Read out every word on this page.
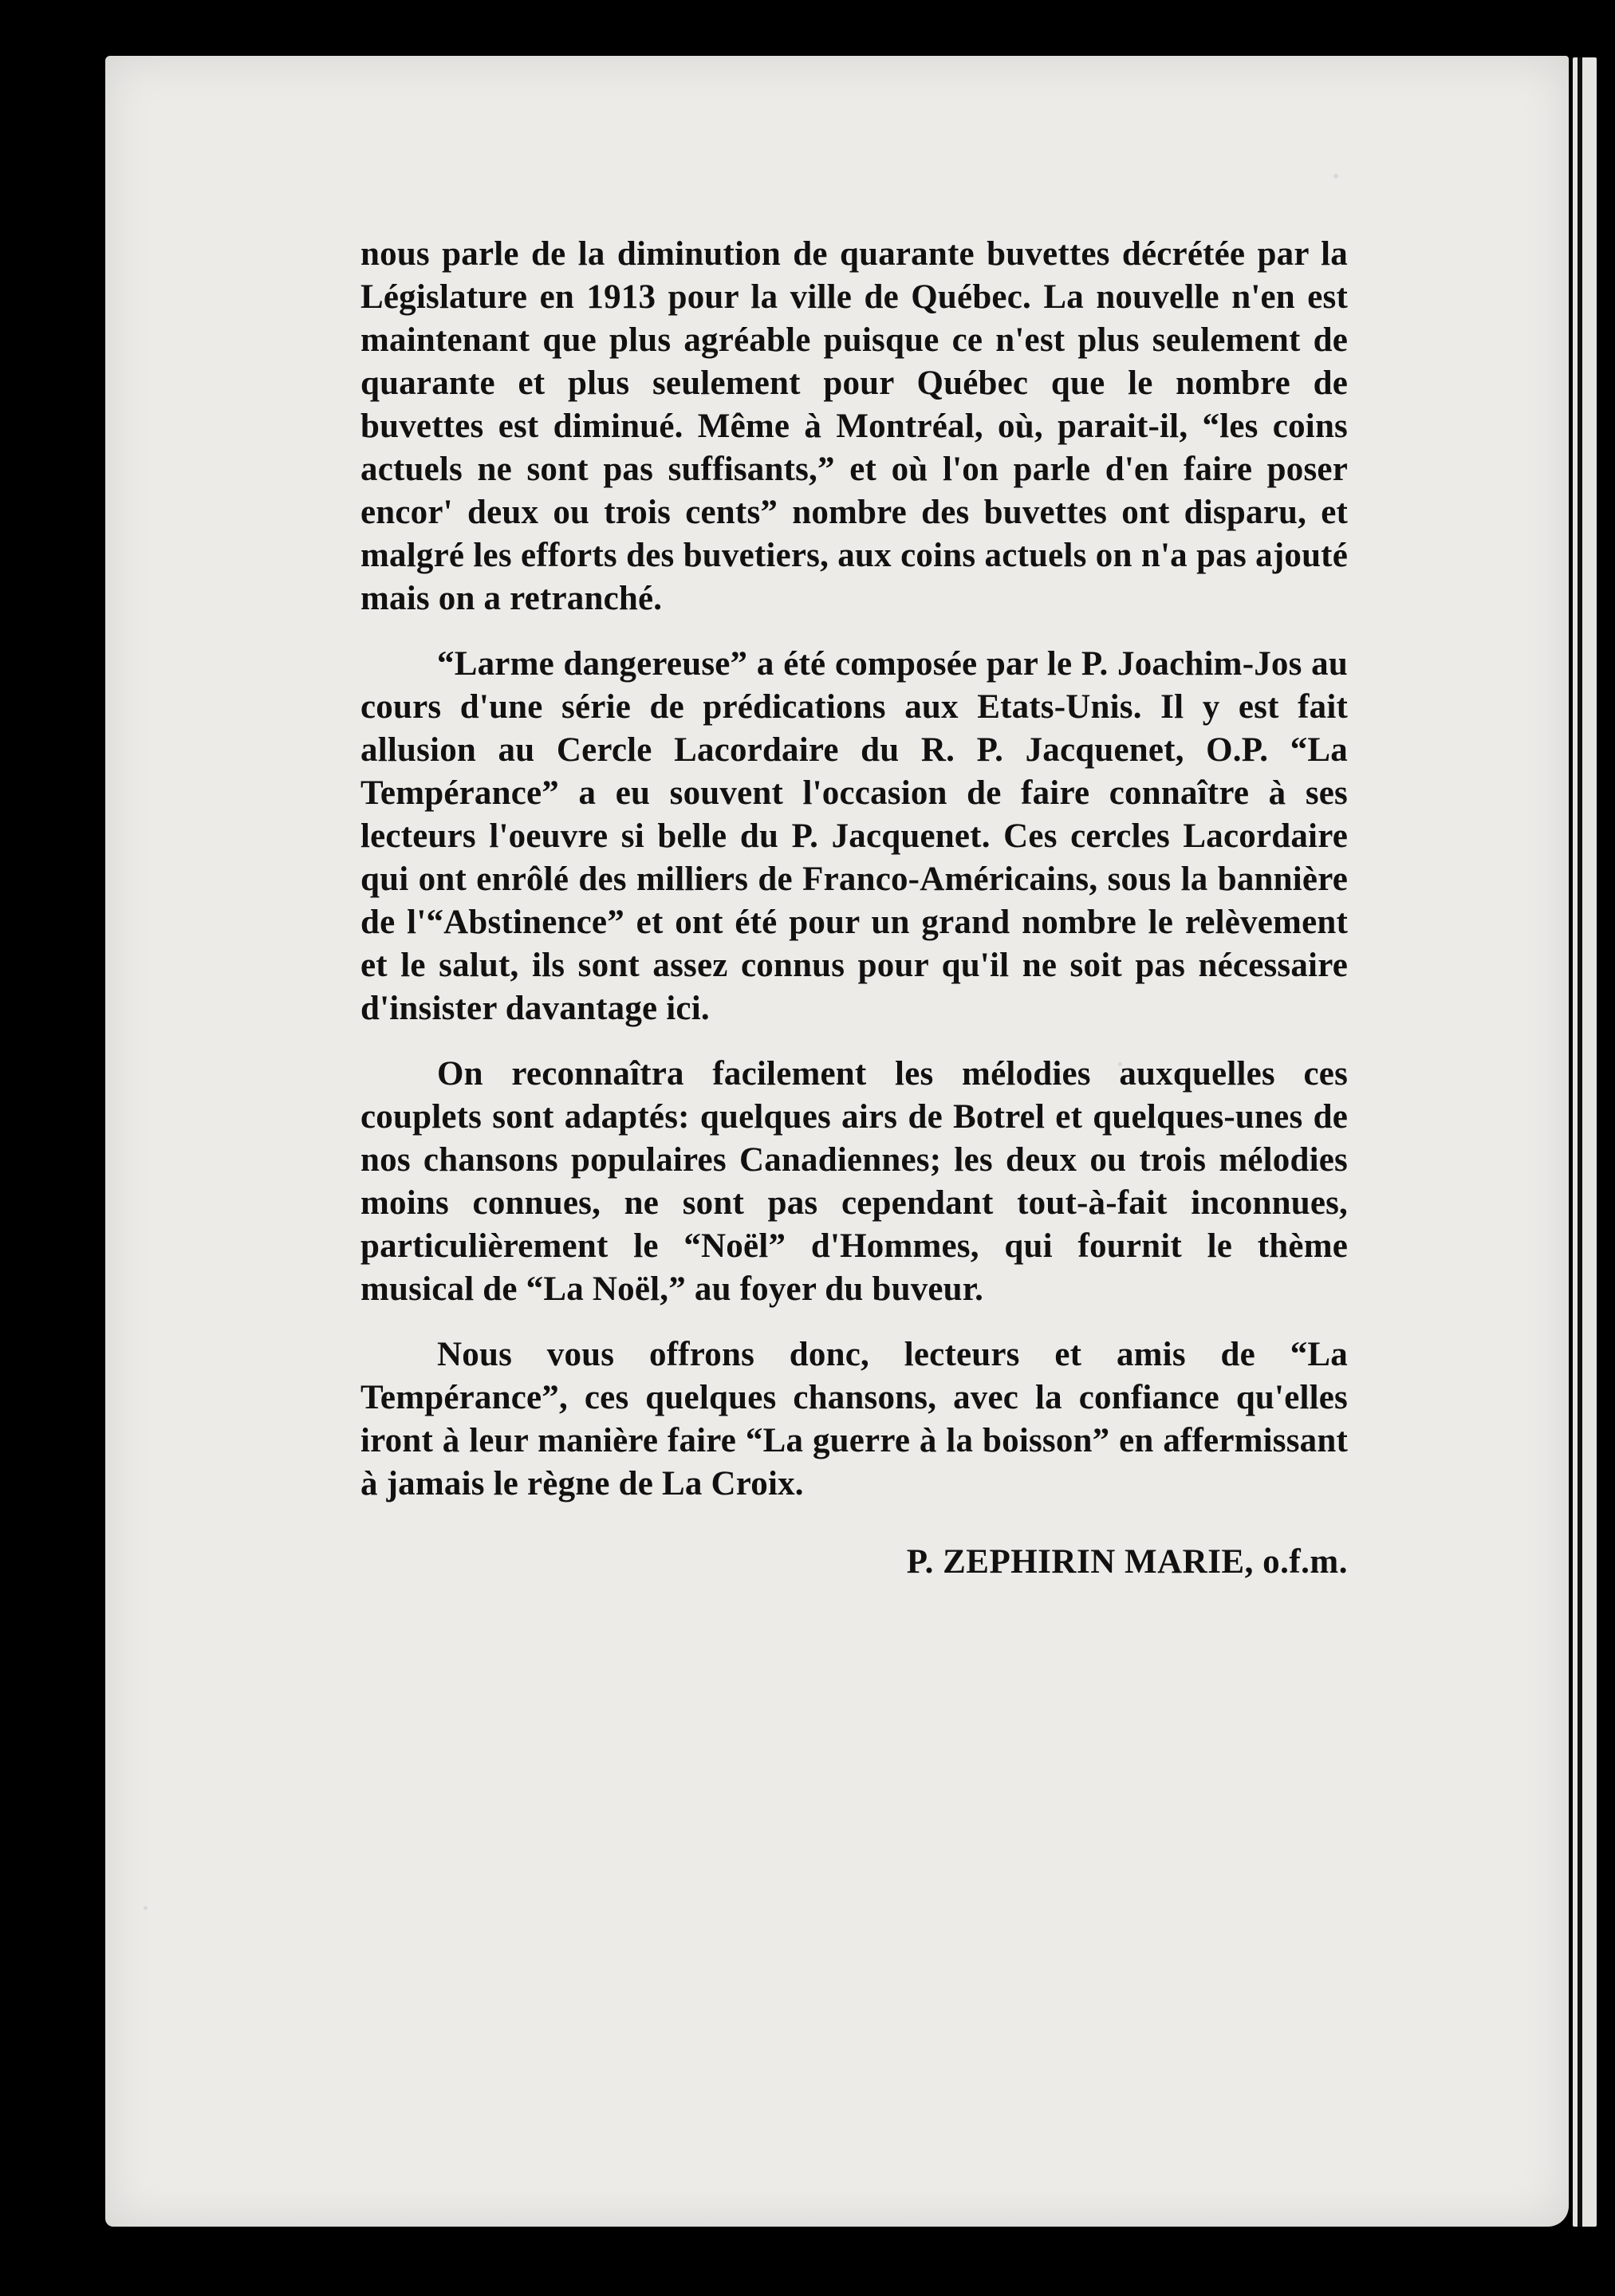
nous parle de la diminution de quarante buvettes décrétée par la Législature en 1913 pour la ville de Québec. La nouvelle n'en est maintenant que plus agréable puisque ce n'est plus seulement de quarante et plus seulement pour Québec que le nombre de buvettes est diminué. Même à Montréal, où, parait-il, “les coins actuels ne sont pas suffisants,” et où l'on parle d'en faire poser encor' deux ou trois cents” nombre des buvettes ont disparu, et malgré les efforts des buvetiers, aux coins actuels on n'a pas ajouté mais on a retranché.

“Larme dangereuse” a été composée par le P. Joachim-Jos au cours d'une série de prédications aux Etats-Unis. Il y est fait allusion au Cercle Lacordaire du R. P. Jacquenet, O.P. “La Tempérance” a eu souvent l'occasion de faire connaître à ses lecteurs l'oeuvre si belle du P. Jacquenet. Ces cercles Lacordaire qui ont enrôlé des milliers de Franco-Américains, sous la bannière de l'“Abstinence” et ont été pour un grand nombre le relèvement et le salut, ils sont assez connus pour qu'il ne soit pas nécessaire d'insister davantage ici.

On reconnaîtra facilement les mélodies auxquelles ces couplets sont adaptés: quelques airs de Botrel et quelques-unes de nos chansons populaires Canadiennes; les deux ou trois mélodies moins connues, ne sont pas cependant tout-à-fait inconnues, particulièrement le “Noël” d'Hommes, qui fournit le thème musical de “La Noël,” au foyer du buveur.

Nous vous offrons donc, lecteurs et amis de “La Tempérance”, ces quelques chansons, avec la confiance qu'elles iront à leur manière faire “La guerre à la boisson” en affermissant à jamais le règne de La Croix.

P. ZEPHIRIN MARIE, o.f.m.
